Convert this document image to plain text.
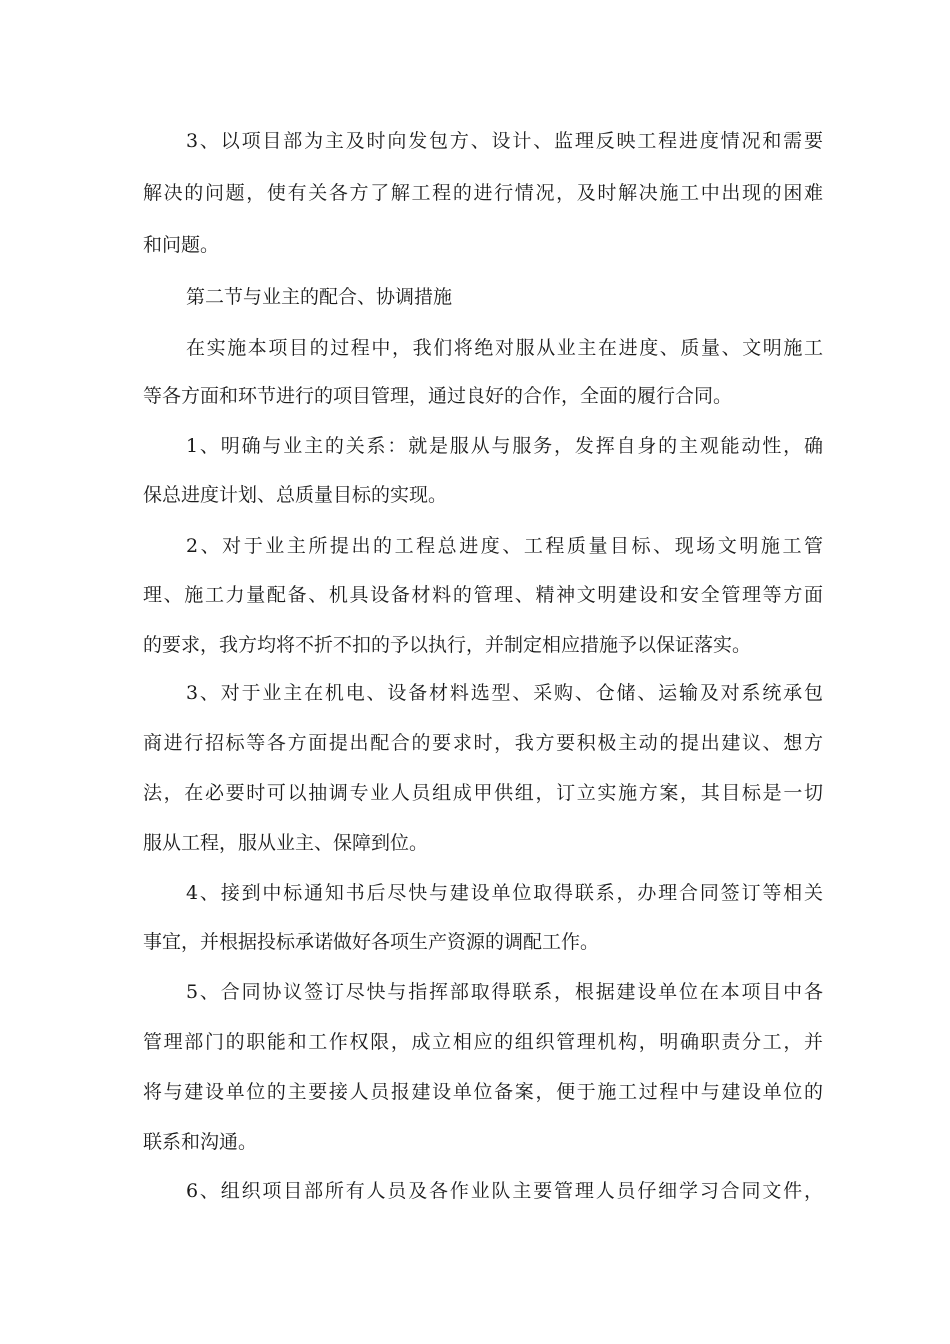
3、以项目部为主及时向发包方、设计、监理反映工程进度情况和需要
解决的问题，使有关各方了解工程的进行情况，及时解决施工中出现的困难
和问题。
第二节与业主的配合、协调措施
在实施本项目的过程中，我们将绝对服从业主在进度、质量、文明施工
等各方面和环节进行的项目管理，通过良好的合作，全面的履行合同。
1、明确与业主的关系：就是服从与服务，发挥自身的主观能动性，确
保总进度计划、总质量目标的实现。
2、对于业主所提出的工程总进度、工程质量目标、现场文明施工管
理、施工力量配备、机具设备材料的管理、精神文明建设和安全管理等方面
的要求，我方均将不折不扣的予以执行，并制定相应措施予以保证落实。
3、对于业主在机电、设备材料选型、采购、仓储、运输及对系统承包
商进行招标等各方面提出配合的要求时，我方要积极主动的提出建议、想方
法，在必要时可以抽调专业人员组成甲供组，订立实施方案，其目标是一切
服从工程，服从业主、保障到位。
4、接到中标通知书后尽快与建设单位取得联系，办理合同签订等相关
事宜，并根据投标承诺做好各项生产资源的调配工作。
5、合同协议签订尽快与指挥部取得联系，根据建设单位在本项目中各
管理部门的职能和工作权限，成立相应的组织管理机构，明确职责分工，并
将与建设单位的主要接人员报建设单位备案，便于施工过程中与建设单位的
联系和沟通。
6、组织项目部所有人员及各作业队主要管理人员仔细学习合同文件，
